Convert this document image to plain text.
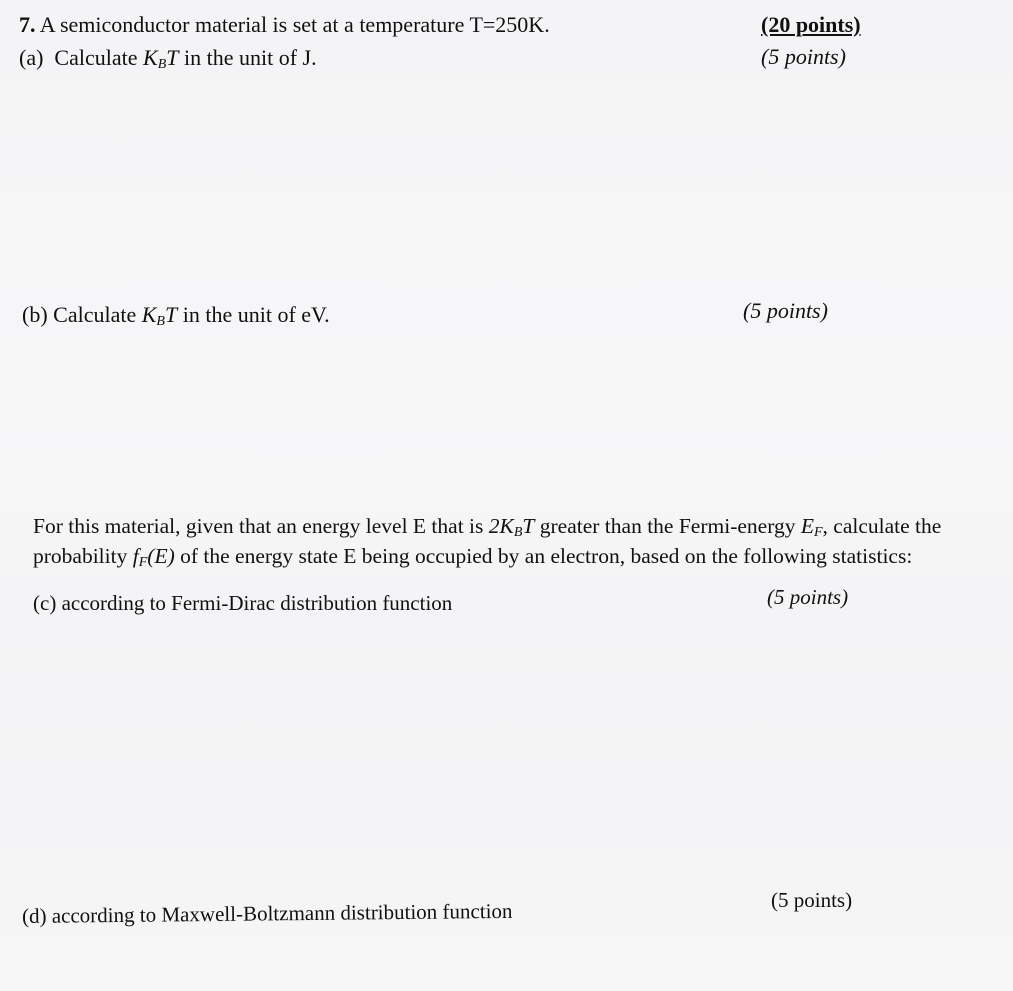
7. A semiconductor material is set at a temperature T=250K.	(20 points)
(a) Calculate $K_BT$ in the unit of J.	(5 points)
(b) Calculate $K_BT$ in the unit of eV.	(5 points)
For this material, given that an energy level E that is $2K_BT$ greater than the Fermi-energy $E_F$, calculate the
probability $f_F(E)$ of the energy state E being occupied by an electron, based on the following statistics:
(c) according to Fermi-Dirac distribution function	(5 points)
(d) according to Maxwell-Boltzmann distribution function	(5 points)
